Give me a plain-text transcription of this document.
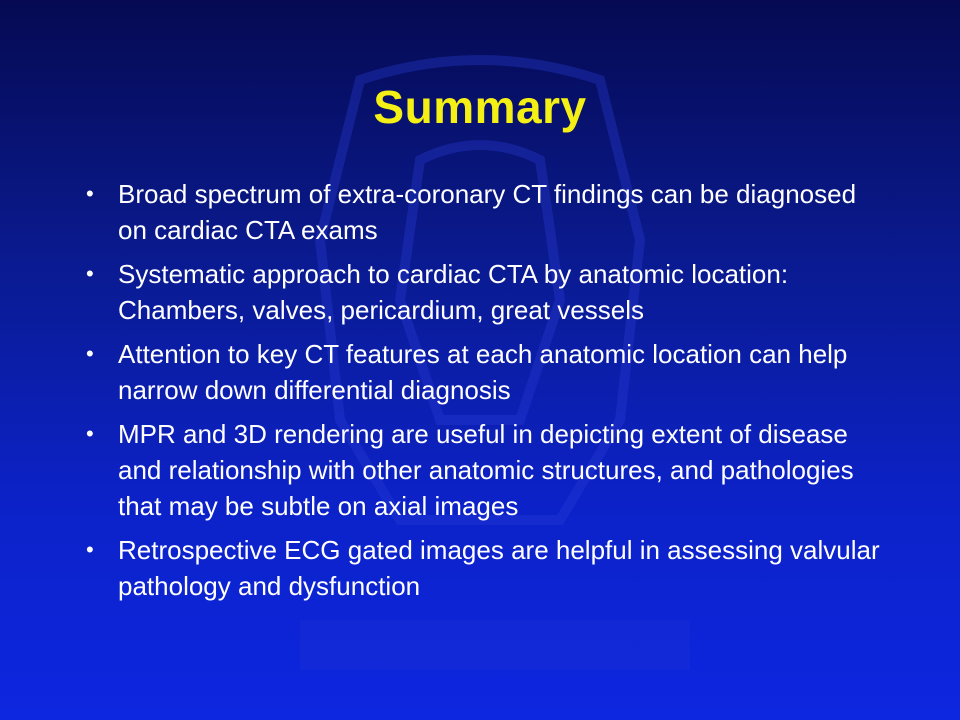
Summary
• Broad spectrum of extra-coronary CT findings can be diagnosed on cardiac CTA exams
• Systematic approach to cardiac CTA by anatomic location: Chambers, valves, pericardium, great vessels
• Attention to key CT features at each anatomic location can help narrow down differential diagnosis
• MPR and 3D rendering are useful in depicting extent of disease and relationship with other anatomic structures, and pathologies that may be subtle on axial images
• Retrospective ECG gated images are helpful in assessing valvular pathology and dysfunction
